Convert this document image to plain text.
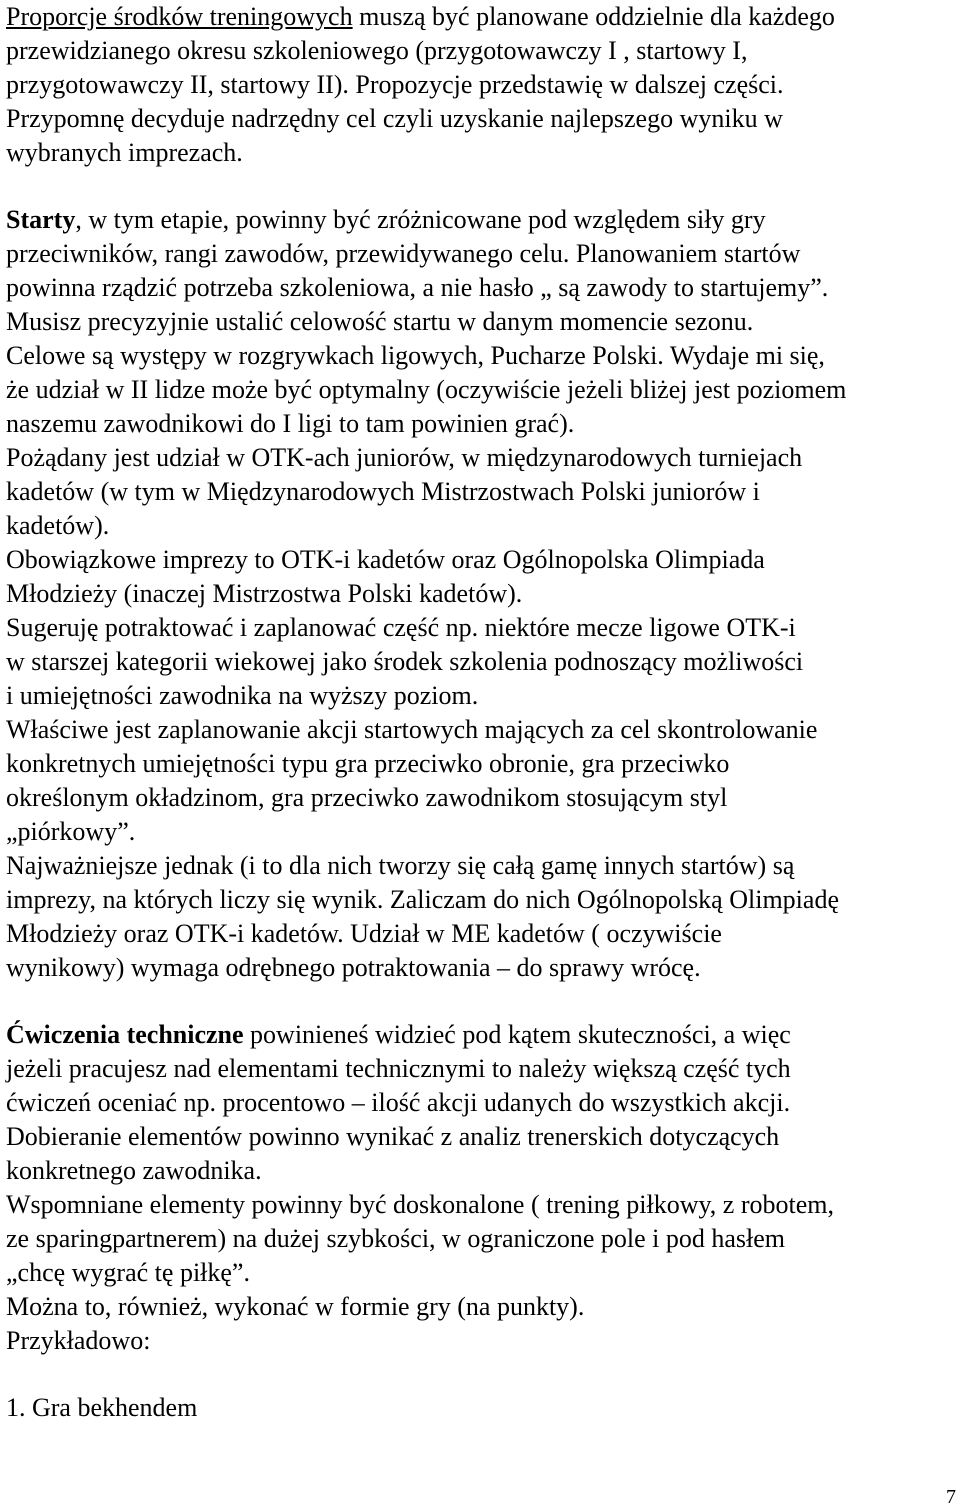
Proporcje środków treningowych muszą być planowane oddzielnie dla każdego
przewidzianego okresu szkoleniowego (przygotowawczy I , startowy I,
przygotowawczy II, startowy II). Propozycje przedstawię w dalszej części.
Przypomnę decyduje nadrzędny cel czyli uzyskanie najlepszego wyniku w
wybranych imprezach.
Starty, w tym etapie, powinny być zróżnicowane pod względem siły gry
przeciwników, rangi zawodów, przewidywanego celu. Planowaniem startów
powinna rządzić potrzeba szkoleniowa, a nie hasło „ są zawody to startujemy”.
Musisz precyzyjnie ustalić celowość startu w danym momencie sezonu.
Celowe są występy w rozgrywkach ligowych, Pucharze Polski. Wydaje mi się,
że udział w II lidze może być optymalny (oczywiście jeżeli bliżej jest poziomem
naszemu zawodnikowi do I ligi to tam powinien grać).
Pożądany jest udział w OTK-ach juniorów, w międzynarodowych turniejach
kadetów (w tym w Międzynarodowych Mistrzostwach Polski juniorów i
kadetów).
Obowiązkowe imprezy to OTK-i kadetów oraz Ogólnopolska Olimpiada
Młodzieży (inaczej Mistrzostwa Polski kadetów).
Sugeruję potraktować i zaplanować część np. niektóre mecze ligowe OTK-i
w starszej kategorii wiekowej jako środek szkolenia podnoszący możliwości
i umiejętności zawodnika na wyższy poziom.
Właściwe jest zaplanowanie akcji startowych mających za cel skontrolowanie
konkretnych umiejętności typu gra przeciwko obronie, gra przeciwko
określonym okładzinom, gra przeciwko zawodnikom stosującym styl
„piórkowy”.
Najważniejsze jednak (i to dla nich tworzy się całą gamę innych startów) są
imprezy, na których liczy się wynik. Zaliczam do nich Ogólnopolską Olimpiadę
Młodzieży oraz OTK-i kadetów. Udział w ME kadetów ( oczywiście
wynikowy) wymaga odrębnego potraktowania – do sprawy wrócę.
Ćwiczenia techniczne powinieneś widzieć pod kątem skuteczności, a więc
jeżeli pracujesz nad elementami technicznymi to należy większą część tych
ćwiczeń oceniać np. procentowo – ilość akcji udanych do wszystkich akcji.
Dobieranie elementów powinno wynikać z analiz trenerskich dotyczących
konkretnego zawodnika.
Wspomniane elementy powinny być doskonalone ( trening piłkowy, z robotem,
ze sparingpartnerem) na dużej szybkości, w ograniczone pole i pod hasłem
„chcę wygrać tę piłkę”.
Można to, również, wykonać w formie gry (na punkty).
Przykładowo:
1. Gra bekhendem
7
